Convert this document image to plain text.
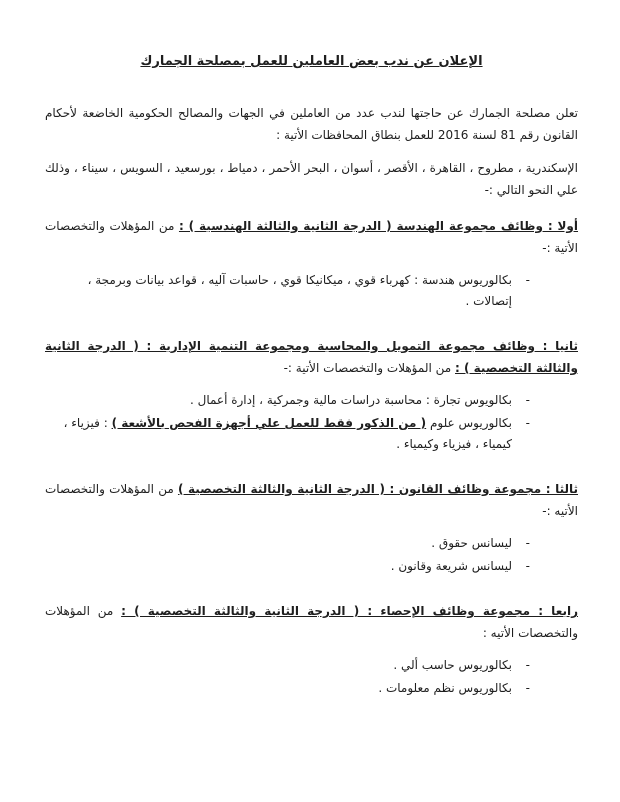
الإعلان عن ندب بعض العاملين للعمل بمصلحة الجمارك

تعلن مصلحة الجمارك عن حاجتها لندب عدد من العاملين في الجهات والمصالح الحكومية الخاضعة لأحكام القانون رقم 81 لسنة 2016 للعمل بنطاق المحافظات الأتية :

الإسكندرية ، مطروح ، القاهرة ، الأقصر ، أسوان ، البحر الأحمر ، دمياط ، بورسعيد ، السويس ، سيناء ، وذلك علي النحو التالي :-

أولا : وظائف مجموعة الهندسة ( الدرجة الثانية والثالثة الهندسية ) : من المؤهلات والتخصصات الأتية :-

-
بكالوريوس هندسة : كهرباء قوي ، ميكانيكا قوي ، حاسبات آليه ، قواعد بيانات وبرمجة ، إتصالات .

ثانيا : وظائف مجموعة التمويل والمحاسبة ومجموعة التنمية الإدارية : ( الدرجة الثانية والثالثة التخصصية ) : من المؤهلات والتخصصات الأتية :-

-
بكالويوس تجارة : محاسبة دراسات مالية وجمركية ، إدارة أعمال .
-
بكالوريوس علوم ( من الذكور فقط للعمل علي أجهزة الفحص بالأشعة ) : فيزياء ، كيمياء ، فيزياء وكيمياء .

ثالثا : مجموعة وظائف القانون : ( الدرجة الثانية والثالثة التخصصية ) من المؤهلات والتخصصات الأتيه :-

-
ليسانس حقوق .
-
ليسانس شريعة وقانون .

رابعا : مجموعة وظائف الإحصاء : ( الدرجة الثانية والثالثة التخصصية ) : من المؤهلات والتخصصات الأتيه :

-
بكالوريوس حاسب ألي .
-
بكالوريوس نظم معلومات .
